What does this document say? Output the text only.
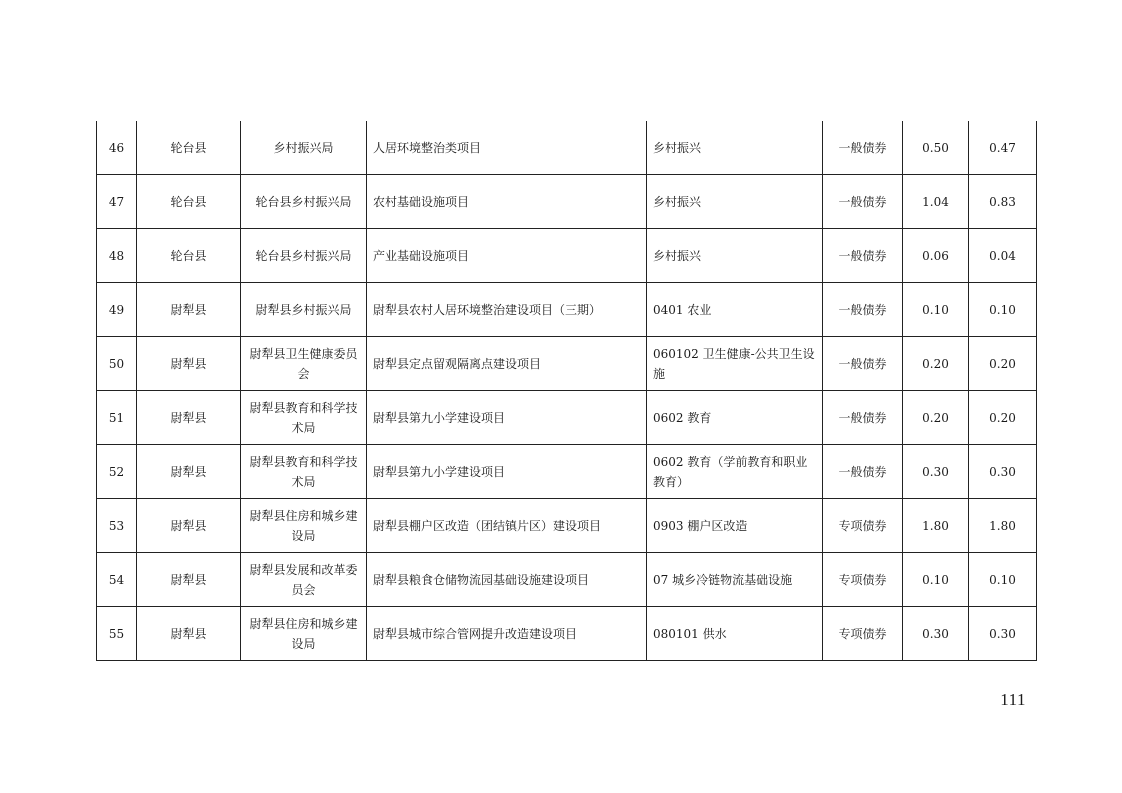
46	轮台县	乡村振兴局	人居环境整治类项目	乡村振兴	一般债券	0.50	0.47
47	轮台县	轮台县乡村振兴局	农村基础设施项目	乡村振兴	一般债券	1.04	0.83
48	轮台县	轮台县乡村振兴局	产业基础设施项目	乡村振兴	一般债券	0.06	0.04
49	尉犁县	尉犁县乡村振兴局	尉犁县农村人居环境整治建设项目（三期）	0401 农业	一般债券	0.10	0.10
50	尉犁县	尉犁县卫生健康委员会	尉犁县定点留观隔离点建设项目	060102 卫生健康-公共卫生设施	一般债券	0.20	0.20
51	尉犁县	尉犁县教育和科学技术局	尉犁县第九小学建设项目	0602 教育	一般债券	0.20	0.20
52	尉犁县	尉犁县教育和科学技术局	尉犁县第九小学建设项目	0602 教育（学前教育和职业教育）	一般债券	0.30	0.30
53	尉犁县	尉犁县住房和城乡建设局	尉犁县棚户区改造（团结镇片区）建设项目	0903 棚户区改造	专项债券	1.80	1.80
54	尉犁县	尉犁县发展和改革委员会	尉犁县粮食仓储物流园基础设施建设项目	07 城乡冷链物流基础设施	专项债券	0.10	0.10
55	尉犁县	尉犁县住房和城乡建设局	尉犁县城市综合管网提升改造建设项目	080101 供水	专项债券	0.30	0.30
111
